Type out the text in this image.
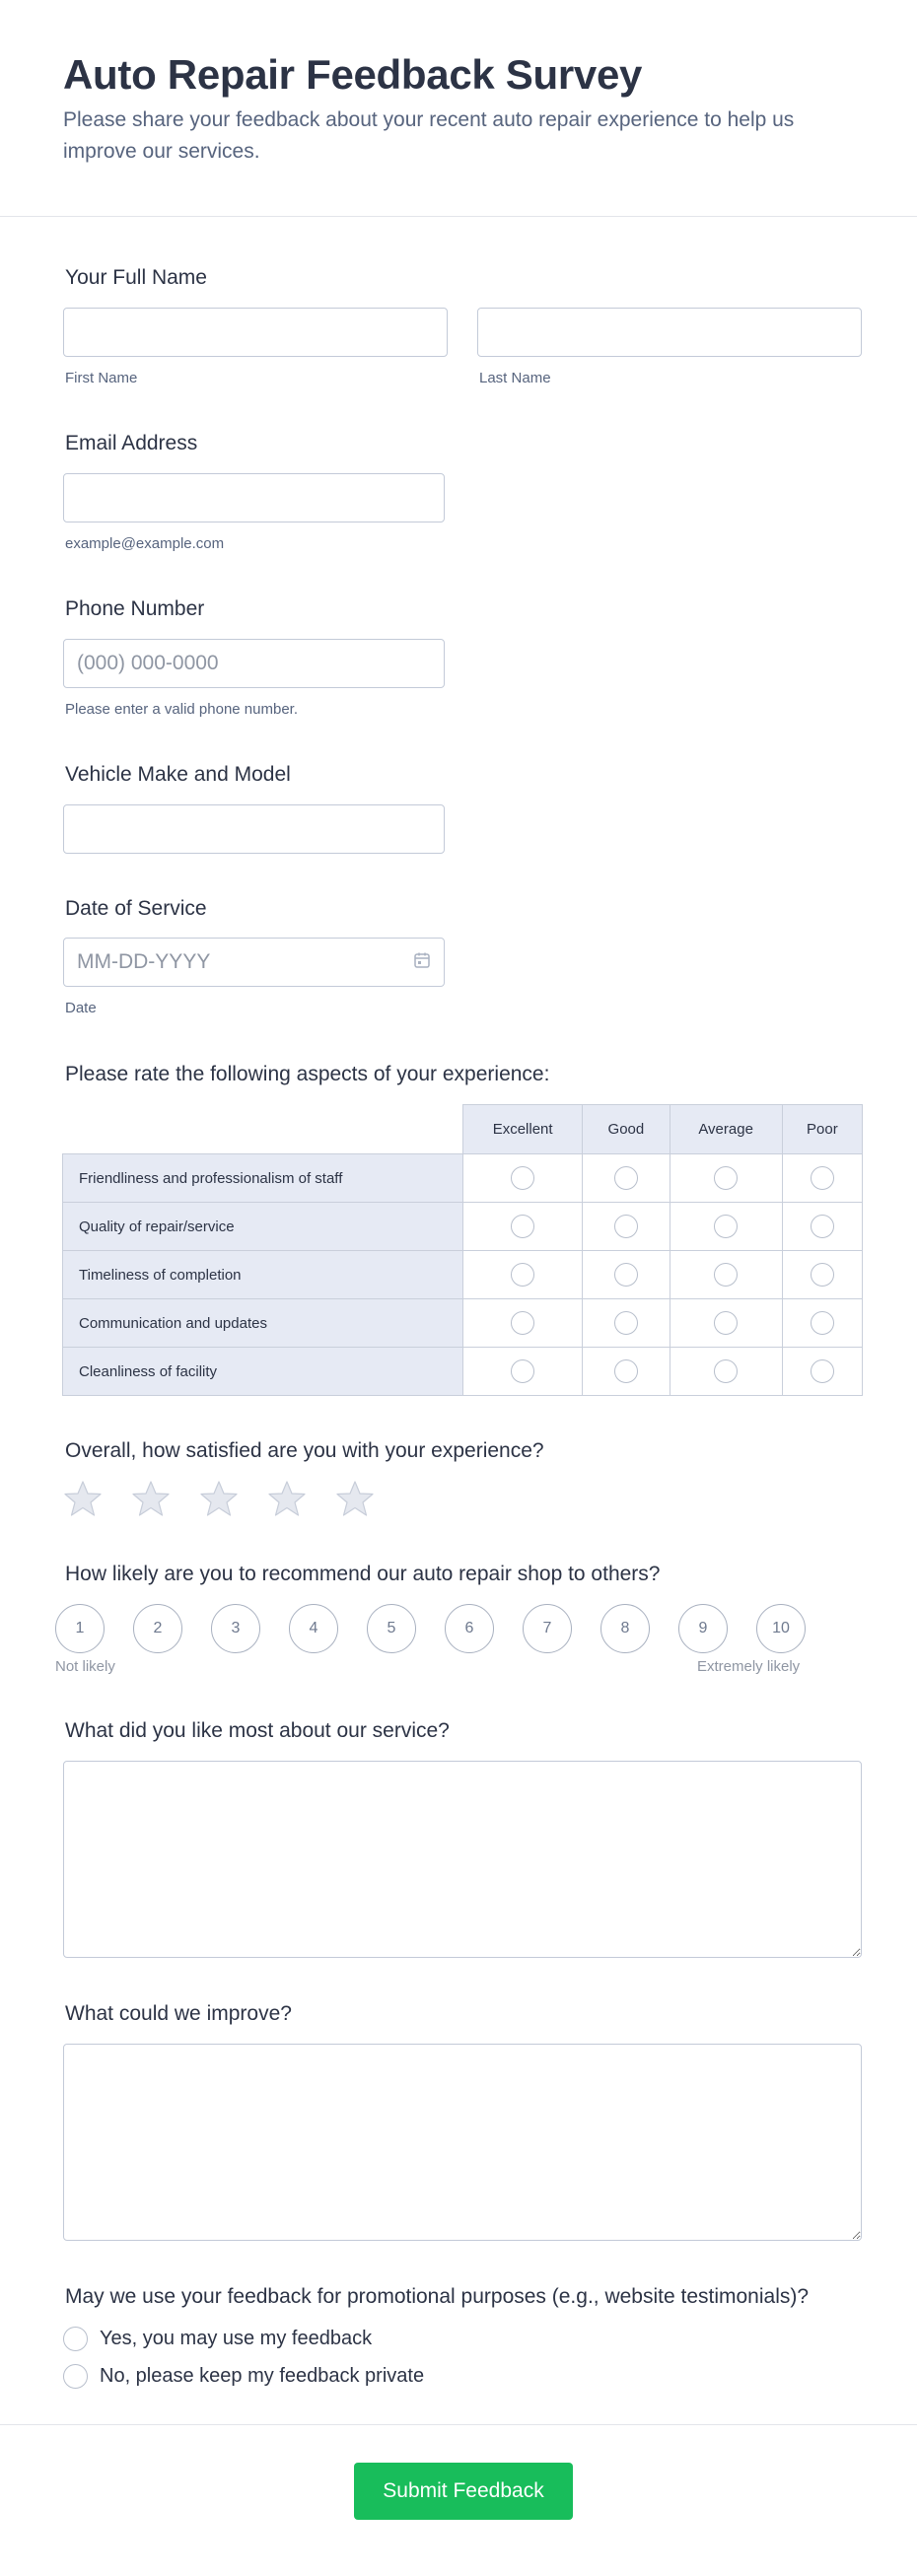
Auto Repair Feedback Survey
Please share your feedback about your recent auto repair experience to help us improve our services.
Your Full Name
First Name	Last Name
Email Address
example@example.com
Phone Number
(000) 000-0000
Please enter a valid phone number.
Vehicle Make and Model
Date of Service
MM-DD-YYYY
Date
Please rate the following aspects of your experience:
	Excellent	Good	Average	Poor
Friendliness and professionalism of staff				
Quality of repair/service				
Timeliness of completion				
Communication and updates				
Cleanliness of facility				
Overall, how satisfied are you with your experience?
How likely are you to recommend our auto repair shop to others?
1	2	3	4	5	6	7	8	9	10
Not likely	Extremely likely
What did you like most about our service?
What could we improve?
May we use your feedback for promotional purposes (e.g., website testimonials)?
Yes, you may use my feedback
No, please keep my feedback private
Submit Feedback
